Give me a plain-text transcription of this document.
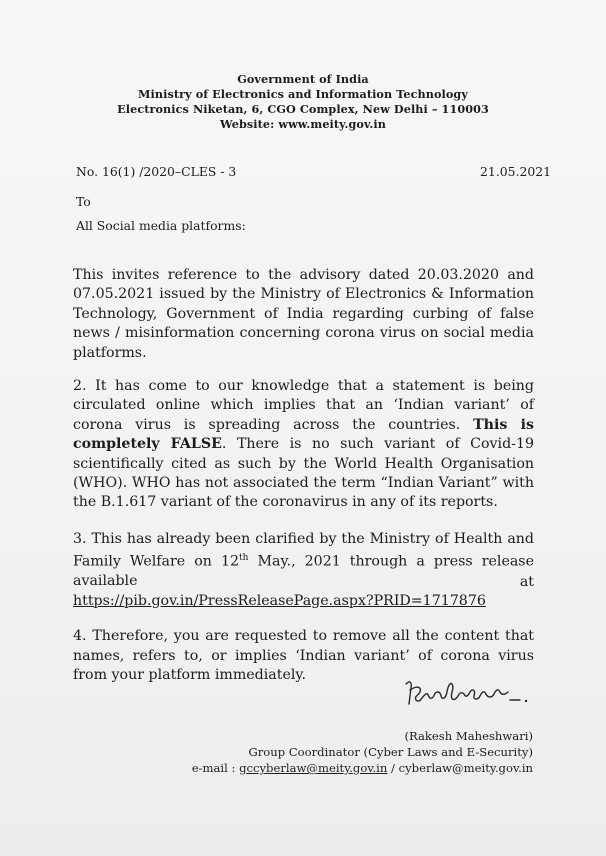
Government of India
Ministry of Electronics and Information Technology
Electronics Niketan, 6, CGO Complex, New Delhi – 110003
Website: www.meity.gov.in
No. 16(1) /2020–CLES - 3	21.05.2021
To
All Social media platforms:

This invites reference to the advisory dated 20.03.2020 and 07.05.2021 issued by the Ministry of Electronics & Information Technology, Government of India regarding curbing of false news / misinformation concerning corona virus on social media platforms.

2. It has come to our knowledge that a statement is being circulated online which implies that an ‘Indian variant’ of corona virus is spreading across the countries. This is completely FALSE. There is no such variant of Covid-19 scientifically cited as such by the World Health Organisation (WHO). WHO has not associated the term “Indian Variant” with the B.1.617 variant of the coronavirus in any of its reports.

3. This has already been clarified by the Ministry of Health and Family Welfare on 12th May., 2021 through a press release available	at
https://pib.gov.in/PressReleasePage.aspx?PRID=1717876

4. Therefore, you are requested to remove all the content that names, refers to, or implies ‘Indian variant’ of corona virus from your platform immediately.

(Rakesh Maheshwari)
Group Coordinator (Cyber Laws and E-Security)
e-mail : gccyberlaw@meity.gov.in / cyberlaw@meity.gov.in
